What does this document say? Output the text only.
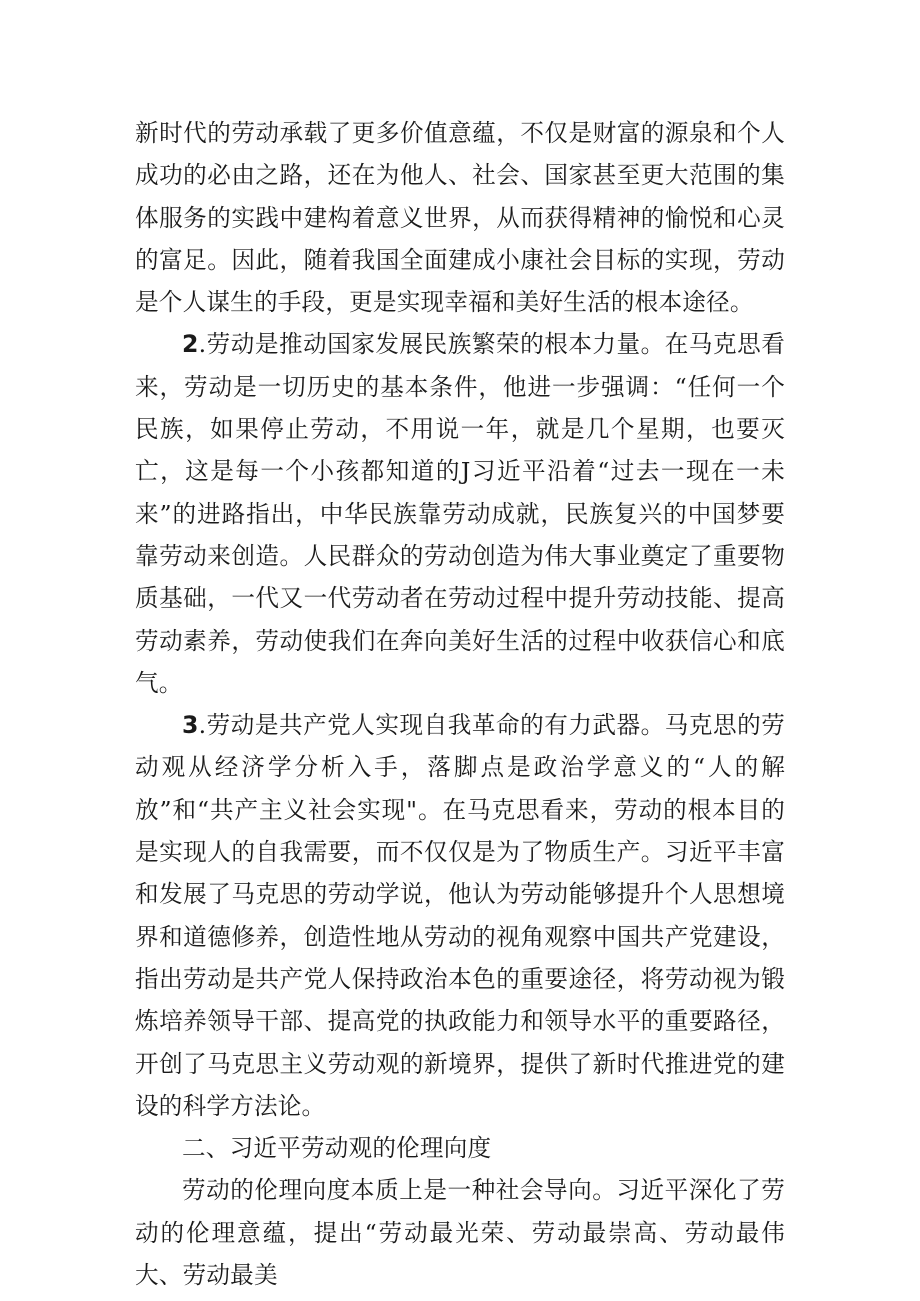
新时代的劳动承载了更多价值意蕴，不仅是财富的源泉和个人成功的必由之路，还在为他人、社会、国家甚至更大范围的集体服务的实践中建构着意义世界，从而获得精神的愉悦和心灵的富足。因此，随着我国全面建成小康社会目标的实现，劳动是个人谋生的手段，更是实现幸福和美好生活的根本途径。

2.劳动是推动国家发展民族繁荣的根本力量。在马克思看来，劳动是一切历史的基本条件，他进一步强调：“任何一个民族，如果停止劳动，不用说一年，就是几个星期，也要灭亡，这是每一个小孩都知道的J习近平沿着“过去一现在一未来”的进路指出，中华民族靠劳动成就，民族复兴的中国梦要靠劳动来创造。人民群众的劳动创造为伟大事业奠定了重要物质基础，一代又一代劳动者在劳动过程中提升劳动技能、提高劳动素养，劳动使我们在奔向美好生活的过程中收获信心和底气。

3.劳动是共产党人实现自我革命的有力武器。马克思的劳动观从经济学分析入手，落脚点是政治学意义的“人的解放”和“共产主义社会实现"。在马克思看来，劳动的根本目的是实现人的自我需要，而不仅仅是为了物质生产。习近平丰富和发展了马克思的劳动学说，他认为劳动能够提升个人思想境界和道德修养，创造性地从劳动的视角观察中国共产党建设，指出劳动是共产党人保持政治本色的重要途径，将劳动视为锻炼培养领导干部、提高党的执政能力和领导水平的重要路径，开创了马克思主义劳动观的新境界，提供了新时代推进党的建设的科学方法论。

二、习近平劳动观的伦理向度

劳动的伦理向度本质上是一种社会导向。习近平深化了劳动的伦理意蕴，提出“劳动最光荣、劳动最崇高、劳动最伟大、劳动最美
